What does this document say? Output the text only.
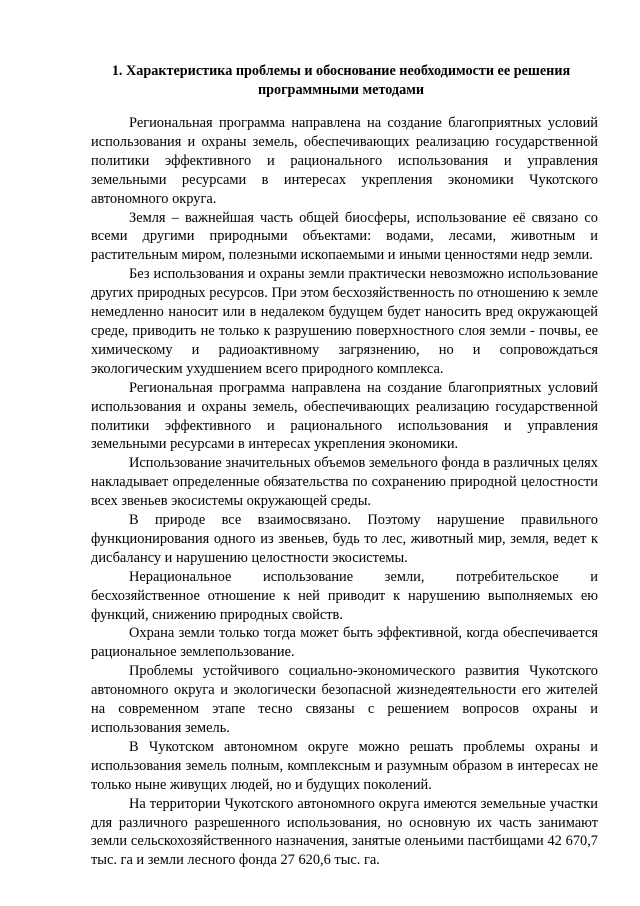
1. Характеристика проблемы и обоснование необходимости ее решения программными методами

Региональная программа направлена на создание благоприятных условий использования и охраны земель, обеспечивающих реализацию государственной политики эффективного и рационального использования и управления земельными ресурсами в интересах укрепления экономики Чукотского автономного округа.

Земля – важнейшая часть общей биосферы, использование её связано со всеми другими природными объектами: водами, лесами, животным и растительным миром, полезными ископаемыми и иными ценностями недр земли.

Без использования и охраны земли практически невозможно использование других природных ресурсов. При этом бесхозяйственность по отношению к земле немедленно наносит или в недалеком будущем будет наносить вред окружающей среде, приводить не только к разрушению поверхностного слоя земли - почвы, ее химическому и радиоактивному загрязнению, но и сопровождаться экологическим ухудшением всего природного комплекса.

Региональная программа направлена на создание благоприятных условий использования и охраны земель, обеспечивающих реализацию государственной политики эффективного и рационального использования и управления земельными ресурсами в интересах укрепления экономики.

Использование значительных объемов земельного фонда в различных целях накладывает определенные обязательства по сохранению природной целостности всех звеньев экосистемы окружающей среды.

В природе все взаимосвязано. Поэтому нарушение правильного функционирования одного из звеньев, будь то лес, животный мир, земля, ведет к дисбалансу и нарушению целостности экосистемы.

Нерациональное использование земли, потребительское и бесхозяйственное отношение к ней приводит к нарушению выполняемых ею функций, снижению природных свойств.

Охрана земли только тогда может быть эффективной, когда обеспечивается рациональное землепользование.

Проблемы устойчивого социально-экономического развития Чукотского автономного округа и экологически безопасной жизнедеятельности его жителей на современном этапе тесно связаны с решением вопросов охраны и использования земель.

В Чукотском автономном округе можно решать проблемы охраны и использования земель полным, комплексным и разумным образом в интересах не только ныне живущих людей, но и будущих поколений.

На территории Чукотского автономного округа имеются земельные участки для различного разрешенного использования, но основную их часть занимают земли сельскохозяйственного назначения, занятые оленьими пастбищами 42 670,7 тыс. га и земли лесного фонда 27 620,6 тыс. га.
